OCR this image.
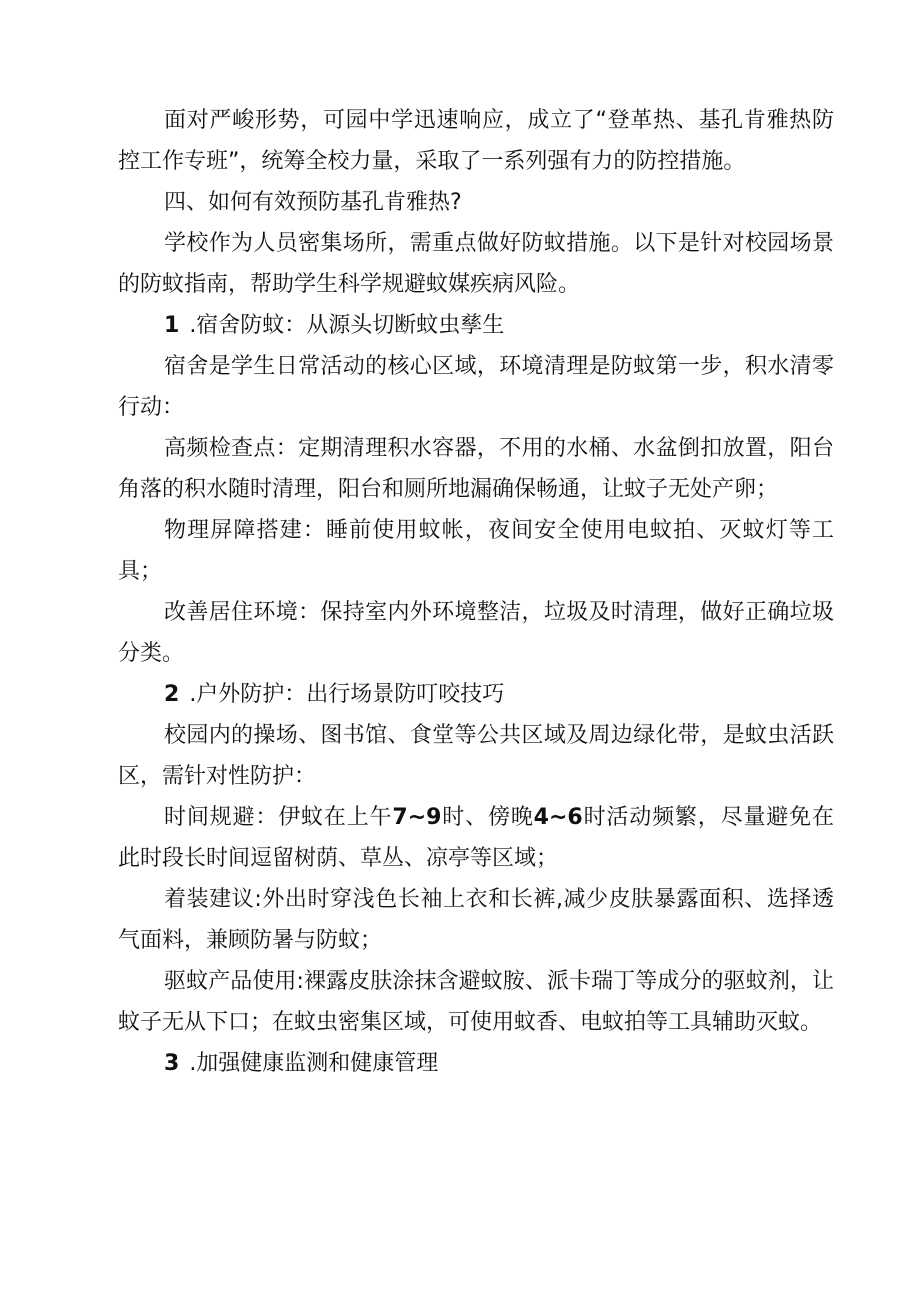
面对严峻形势，可园中学迅速响应，成立了“登革热、基孔肯雅热防控工作专班”，统筹全校力量，采取了一系列强有力的防控措施。

四、如何有效预防基孔肯雅热?

学校作为人员密集场所，需重点做好防蚊措施。以下是针对校园场景的防蚊指南，帮助学生科学规避蚊媒疾病风险。

1 .宿舍防蚊：从源头切断蚊虫孳生

宿舍是学生日常活动的核心区域，环境清理是防蚊第一步，积水清零行动：

高频检查点：定期清理积水容器，不用的水桶、水盆倒扣放置，阳台角落的积水随时清理，阳台和厕所地漏确保畅通，让蚊子无处产卵；

物理屏障搭建：睡前使用蚊帐，夜间安全使用电蚊拍、灭蚊灯等工具；

改善居住环境：保持室内外环境整洁，垃圾及时清理，做好正确垃圾分类。

2 .户外防护：出行场景防叮咬技巧

校园内的操场、图书馆、食堂等公共区域及周边绿化带，是蚊虫活跃区，需针对性防护：

时间规避：伊蚊在上午7~9时、傍晚4~6时活动频繁，尽量避免在此时段长时间逗留树荫、草丛、凉亭等区域；

着装建议:外出时穿浅色长袖上衣和长裤,减少皮肤暴露面积、选择透气面料，兼顾防暑与防蚊；

驱蚊产品使用:裸露皮肤涂抹含避蚊胺、派卡瑞丁等成分的驱蚊剂，让蚊子无从下口；在蚊虫密集区域，可使用蚊香、电蚊拍等工具辅助灭蚊。

3 .加强健康监测和健康管理
